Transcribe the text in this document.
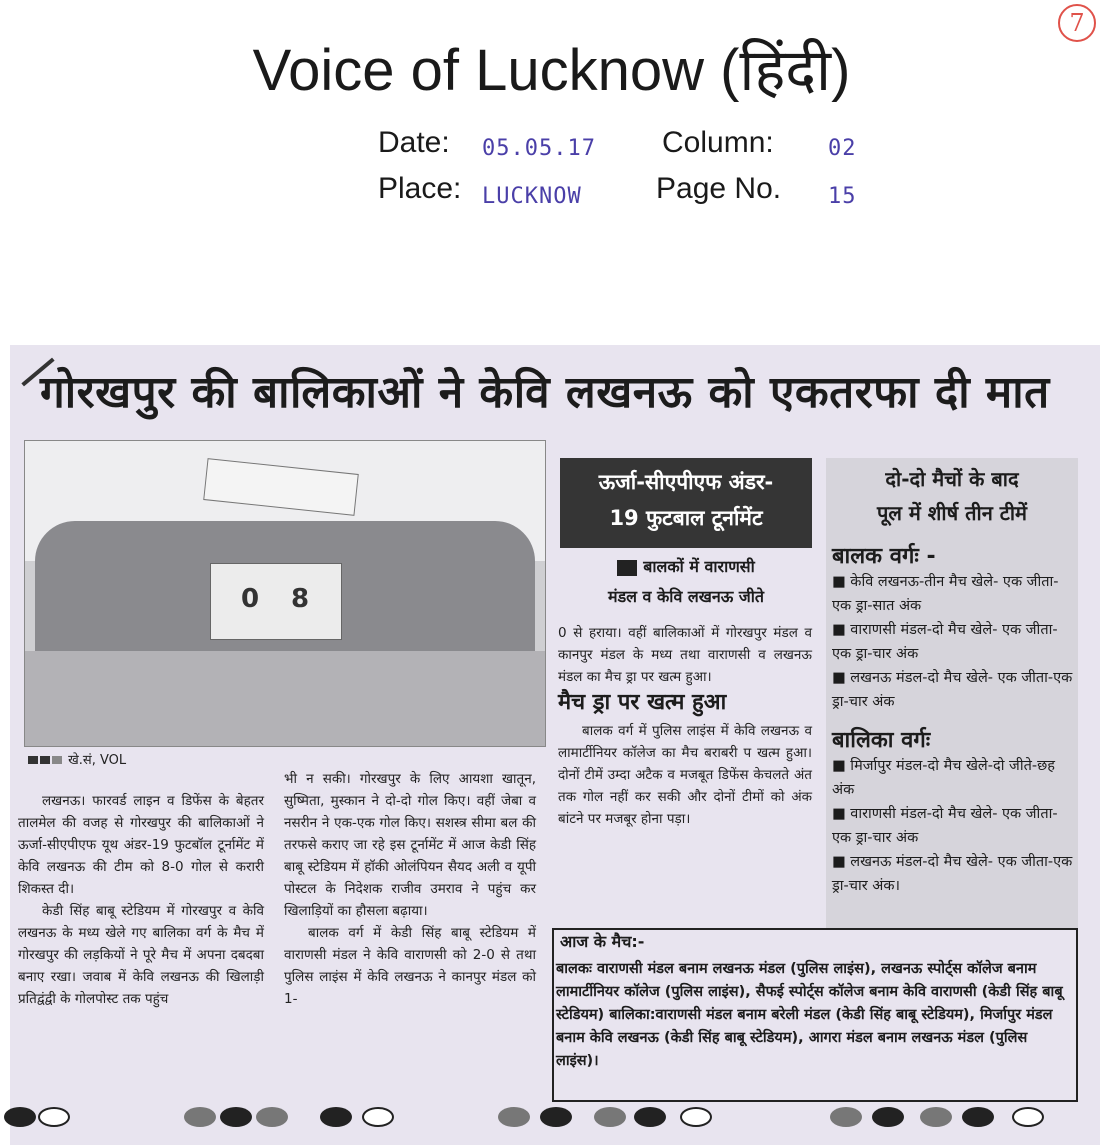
7
Voice of Lucknow (हिंदी)
Date: 05.05.17 Column: 02
Place: LUCKNOW Page No. 15
गोरखपुर की बालिकाओं ने केवि लखनऊ को एकतरफा दी मात
0 8
खे.सं, VOL
लखनऊ। फारवर्ड लाइन व डिफेंस के बेहतर तालमेल की वजह से गोरखपुर की बालिकाओं ने ऊर्जा-सीएपीएफ यूथ अंडर-19 फुटबॉल टूर्नामेंट में केवि लखनऊ की टीम को 8-0 गोल से करारी शिकस्त दी।
केडी सिंह बाबू स्टेडियम में गोरखपुर व केवि लखनऊ के मध्य खेले गए बालिका वर्ग के मैच में गोरखपुर की लड़कियों ने पूरे मैच में अपना दबदबा बनाए रखा। जवाब में केवि लखनऊ की खिलाड़ी प्रतिद्वंद्वी के गोलपोस्ट तक पहुंच
भी न सकी। गोरखपुर के लिए आयशा खातून, सुष्मिता, मुस्कान ने दो-दो गोल किए। वहीं जेबा व नसरीन ने एक-एक गोल किए। सशस्त्र सीमा बल की तरफसे कराए जा रहे इस टूर्नामेंट में आज केडी सिंह बाबू स्टेडियम में हॉकी ओलंपियन सैयद अली व यूपी पोस्टल के निदेशक राजीव उमराव ने पहुंच कर खिलाड़ियों का हौसला बढ़ाया।
बालक वर्ग में केडी सिंह बाबू स्टेडियम में वाराणसी मंडल ने केवि वाराणसी को 2-0 से तथा पुलिस लाइंस में केवि लखनऊ ने कानपुर मंडल को 1-
ऊर्जा-सीएपीएफ अंडर-
19 फुटबाल टूर्नामेंट
बालकों में वाराणसी
मंडल व केवि लखनऊ जीते
0 से हराया। वहीं बालिकाओं में गोरखपुर मंडल व कानपुर मंडल के मध्य तथा वाराणसी व लखनऊ मंडल का मैच ड्रा पर खत्म हुआ।
मैच ड्रा पर खत्म हुआ
बालक वर्ग में पुलिस लाइंस में केवि लखनऊ व लामार्टीनियर कॉलेज का मैच बराबरी प खत्म हुआ। दोनों टीमें उम्दा अटैक व मजबूत डिफेंस केचलते अंत तक गोल नहीं कर सकी और दोनों टीमों को अंक बांटने पर मजबूर होना पड़ा।
दो-दो मैचों के बाद
पूल में शीर्ष तीन टीमें
बालक वर्गः -
■ केवि लखनऊ-तीन मैच खेले- एक जीता-एक ड्रा-सात अंक
■ वाराणसी मंडल-दो मैच खेले- एक जीता-एक ड्रा-चार अंक
■ लखनऊ मंडल-दो मैच खेले- एक जीता-एक ड्रा-चार अंक
बालिका वर्गः
■ मिर्जापुर मंडल-दो मैच खेले-दो जीते-छह अंक
■ वाराणसी मंडल-दो मैच खेले- एक जीता- एक ड्रा-चार अंक
■ लखनऊ मंडल-दो मैच खेले- एक जीता-एक ड्रा-चार अंक।
आज के मैच:-
बालकः वाराणसी मंडल बनाम लखनऊ मंडल (पुलिस लाइंस), लखनऊ स्पोर्ट्स कॉलेज बनाम लामार्टीनियर कॉलेज (पुलिस लाइंस), सैफई स्पोर्ट्स कॉलेज बनाम केवि वाराणसी (केडी सिंह बाबू स्टेडियम) बालिका:वाराणसी मंडल बनाम बरेली मंडल (केडी सिंह बाबू स्टेडियम), मिर्जापुर मंडल बनाम केवि लखनऊ (केडी सिंह बाबू स्टेडियम), आगरा मंडल बनाम लखनऊ मंडल (पुलिस लाइंस)।
